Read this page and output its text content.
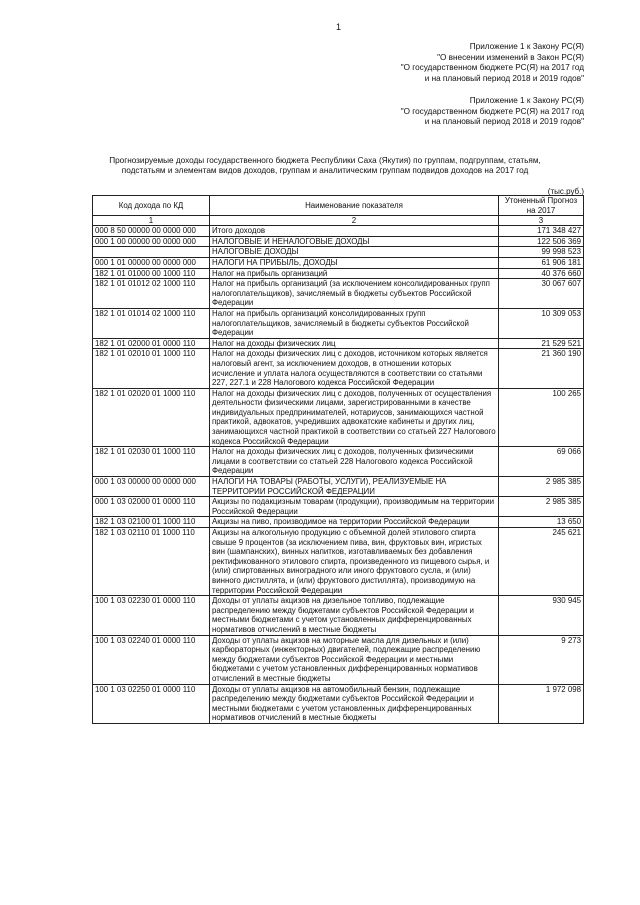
1
Приложение 1 к Закону РС(Я)
"О внесении изменений в Закон РС(Я)
"О государственном бюджете РС(Я) на 2017 год
и на плановый период 2018 и 2019 годов"
Приложение 1 к Закону РС(Я)
"О государственном бюджете РС(Я) на 2017 год
и на плановый период 2018 и 2019 годов"
Прогнозируемые доходы государственного бюджета Республики Саха (Якутия) по группам, подгруппам, статьям,
подстатьям и элементам видов доходов, группам и аналитическим группам подвидов доходов на 2017 год
(тыс.руб.)
Код дохода по КД	Наименование показателя	Утоненный Прогноз на 2017
1	2	3
000 8 50 00000 00 0000 000	Итого доходов	171 348 427
000 1 00 00000 00 0000 000	НАЛОГОВЫЕ И НЕНАЛОГОВЫЕ ДОХОДЫ	122 506 369
	НАЛОГОВЫЕ ДОХОДЫ	99 998 523
000 1 01 00000 00 0000 000	НАЛОГИ НА ПРИБЫЛЬ, ДОХОДЫ	61 906 181
182 1 01 01000 00 1000 110	Налог на прибыль организаций	40 376 660
182 1 01 01012 02 1000 110	Налог на прибыль организаций (за исключением консолидированных групп налогоплательщиков), зачисляемый в бюджеты субъектов Российской Федерации	30 067 607
182 1 01 01014 02 1000 110	Налог на прибыль организаций консолидированных групп налогоплательщиков, зачисляемый в бюджеты субъектов Российской Федерации	10 309 053
182 1 01 02000 01 0000 110	Налог на доходы физических лиц	21 529 521
182 1 01 02010 01 1000 110	Налог на доходы физических лиц с доходов, источником которых является налоговый агент, за исключением доходов, в отношении которых исчисление и уплата налога осуществляются в соответствии со статьями 227, 227.1 и 228 Налогового кодекса Российской Федерации	21 360 190
182 1 01 02020 01 1000 110	Налог на доходы физических лиц с доходов, полученных от осуществления деятельности физическими лицами, зарегистрированными в качестве индивидуальных предпринимателей, нотариусов, занимающихся частной практикой, адвокатов, учредивших адвокатские кабинеты и других лиц, занимающихся частной практикой в соответствии со статьей 227 Налогового кодекса Российской Федерации	100 265
182 1 01 02030 01 1000 110	Налог на доходы физических лиц с доходов, полученных физическими лицами в соответствии со статьей 228 Налогового кодекса Российской Федерации	69 066
000 1 03 00000 00 0000 000	НАЛОГИ НА ТОВАРЫ (РАБОТЫ, УСЛУГИ), РЕАЛИЗУЕМЫЕ НА ТЕРРИТОРИИ РОССИЙСКОЙ ФЕДЕРАЦИИ	2 985 385
000 1 03 02000 01 0000 110	Акцизы по подакцизным товарам (продукции), производимым на территории Российской Федерации	2 985 385
182 1 03 02100 01 1000 110	Акцизы на пиво, производимое на территории Российской Федерации	13 650
182 1 03 02110 01 1000 110	Акцизы на алкогольную продукцию с объемной долей этилового спирта свыше 9 процентов (за исключением пива, вин, фруктовых вин, игристых вин (шампанских), винных напитков, изготавливаемых без добавления ректификованного этилового спирта, произведенного из пищевого сырья, и (или) спиртованных виноградного или иного фруктового сусла, и (или) винного дистиллята, и (или) фруктового дистиллята), производимую на территории Российской Федерации	245 621
100 1 03 02230 01 0000 110	Доходы от уплаты акцизов на дизельное топливо, подлежащие распределению между бюджетами субъектов Российской Федерации и местными бюджетами с учетом установленных дифференцированных нормативов отчислений в местные бюджеты	930 945
100 1 03 02240 01 0000 110	Доходы от уплаты акцизов на моторные масла для дизельных и (или) карбюраторных (инжекторных) двигателей, подлежащие распределению между бюджетами субъектов Российской Федерации и местными бюджетами с учетом установленных дифференцированных нормативов отчислений в местные бюджеты	9 273
100 1 03 02250 01 0000 110	Доходы от уплаты акцизов на автомобильный бензин, подлежащие распределению между бюджетами субъектов Российской Федерации и местными бюджетами с учетом установленных дифференцированных нормативов отчислений в местные бюджеты	1 972 098
